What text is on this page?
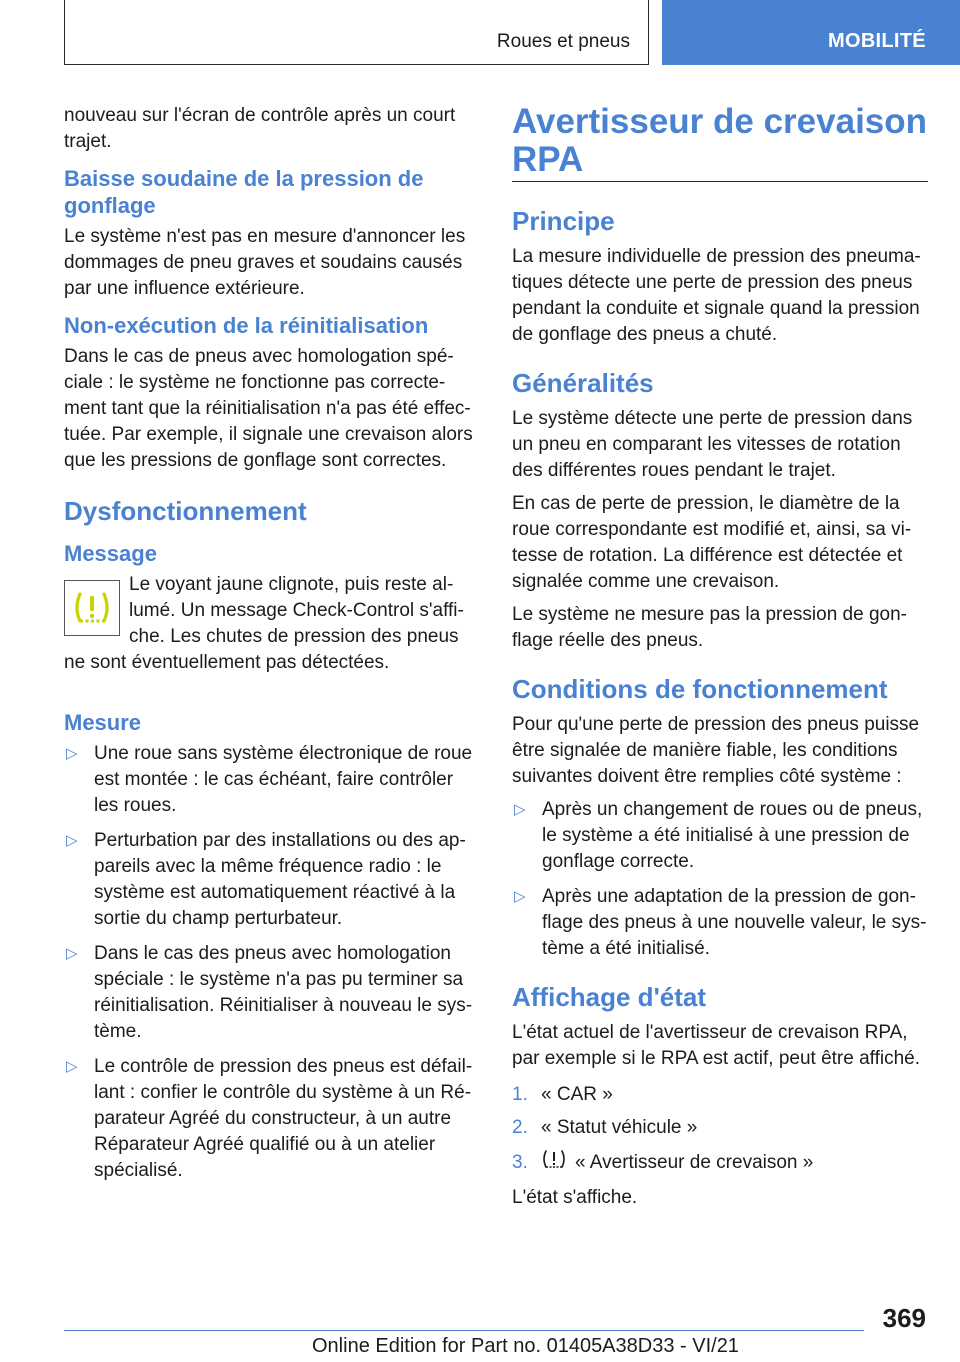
Roues et pneus	MOBILITÉ

nouveau sur l'écran de contrôle après un court trajet.

Baisse soudaine de la pression de gonflage

Le système n'est pas en mesure d'annoncer les dommages de pneu graves et soudains causés par une influence extérieure.

Non-exécution de la réinitialisation

Dans le cas de pneus avec homologation spéciale : le système ne fonctionne pas correctement tant que la réinitialisation n'a pas été effectuée. Par exemple, il signale une crevaison alors que les pressions de gonflage sont correctes.

Dysfonctionnement
Message

Le voyant jaune clignote, puis reste allumé. Un message Check-Control s'affiche. Les chutes de pression des pneus ne sont éventuellement pas détectées.

Mesure
▷ Une roue sans système électronique de roue est montée : le cas échéant, faire contrôler les roues.
▷ Perturbation par des installations ou des appareils avec la même fréquence radio : le système est automatiquement réactivé à la sortie du champ perturbateur.
▷ Dans le cas des pneus avec homologation spéciale : le système n'a pas pu terminer sa réinitialisation. Réinitialiser à nouveau le système.
▷ Le contrôle de pression des pneus est défaillant : confier le contrôle du système à un Réparateur Agréé du constructeur, à un autre Réparateur Agréé qualifié ou à un atelier spécialisé.
Avertisseur de crevaison RPA
Principe

La mesure individuelle de pression des pneumatiques détecte une perte de pression des pneus pendant la conduite et signale quand la pression de gonflage des pneus a chuté.

Généralités

Le système détecte une perte de pression dans un pneu en comparant les vitesses de rotation des différentes roues pendant le trajet.

En cas de perte de pression, le diamètre de la roue correspondante est modifié et, ainsi, sa vitesse de rotation. La différence est détectée et signalée comme une crevaison.

Le système ne mesure pas la pression de gonflage réelle des pneus.

Conditions de fonctionnement

Pour qu'une perte de pression des pneus puisse être signalée de manière fiable, les conditions suivantes doivent être remplies côté système :

▷ Après un changement de roues ou de pneus, le système a été initialisé à une pression de gonflage correcte.
▷ Après une adaptation de la pression de gonflage des pneus à une nouvelle valeur, le système a été initialisé.
Affichage d'état

L'état actuel de l'avertisseur de crevaison RPA, par exemple si le RPA est actif, peut être affiché.

1. « CAR »
2. « Statut véhicule »
3.	« Avertisseur de crevaison »

L'état s'affiche.

369
Online Edition for Part no. 01405A38D33 - VI/21
